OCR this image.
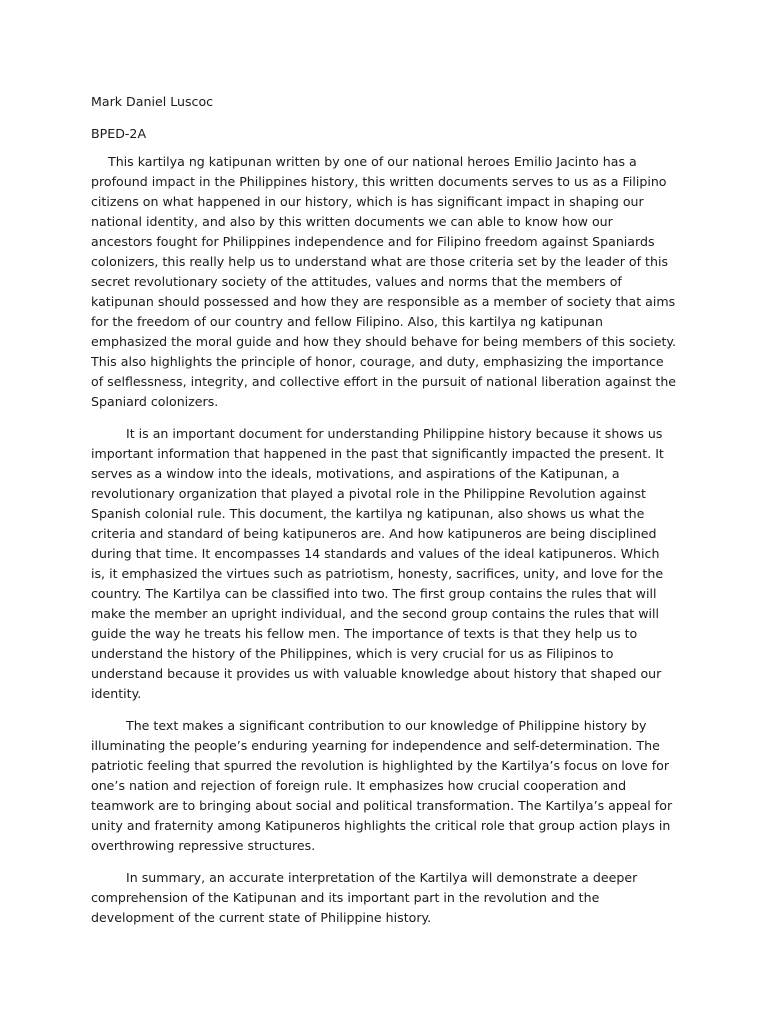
Mark Daniel Luscoc

BPED-2A

This kartilya ng katipunan written by one of our national heroes Emilio Jacinto has a profound impact in the Philippines history, this written documents serves to us as a Filipino citizens on what happened in our history, which is has significant impact in shaping our national identity, and also by this written documents we can able to know how our ancestors fought for Philippines independence and for Filipino freedom against Spaniards colonizers, this really help us to understand what are those criteria set by the leader of this secret revolutionary society of the attitudes, values and norms that the members of katipunan should possessed and how they are responsible as a member of society that aims for the freedom of our country and fellow Filipino. Also, this kartilya ng katipunan emphasized the moral guide and how they should behave for being members of this society. This also highlights the principle of honor, courage, and duty, emphasizing the importance of selflessness, integrity, and collective effort in the pursuit of national liberation against the Spaniard colonizers.

It is an important document for understanding Philippine history because it shows us important information that happened in the past that significantly impacted the present. It serves as a window into the ideals, motivations, and aspirations of the Katipunan, a revolutionary organization that played a pivotal role in the Philippine Revolution against Spanish colonial rule. This document, the kartilya ng katipunan, also shows us what the criteria and standard of being katipuneros are. And how katipuneros are being disciplined during that time. It encompasses 14 standards and values of the ideal katipuneros. Which is, it emphasized the virtues such as patriotism, honesty, sacrifices, unity, and love for the country. The Kartilya can be classified into two. The first group contains the rules that will make the member an upright individual, and the second group contains the rules that will guide the way he treats his fellow men. The importance of texts is that they help us to understand the history of the Philippines, which is very crucial for us as Filipinos to understand because it provides us with valuable knowledge about history that shaped our identity.

The text makes a significant contribution to our knowledge of Philippine history by illuminating the people’s enduring yearning for independence and self-determination. The patriotic feeling that spurred the revolution is highlighted by the Kartilya’s focus on love for one’s nation and rejection of foreign rule. It emphasizes how crucial cooperation and teamwork are to bringing about social and political transformation. The Kartilya’s appeal for unity and fraternity among Katipuneros highlights the critical role that group action plays in overthrowing repressive structures.

In summary, an accurate interpretation of the Kartilya will demonstrate a deeper comprehension of the Katipunan and its important part in the revolution and the development of the current state of Philippine history.
